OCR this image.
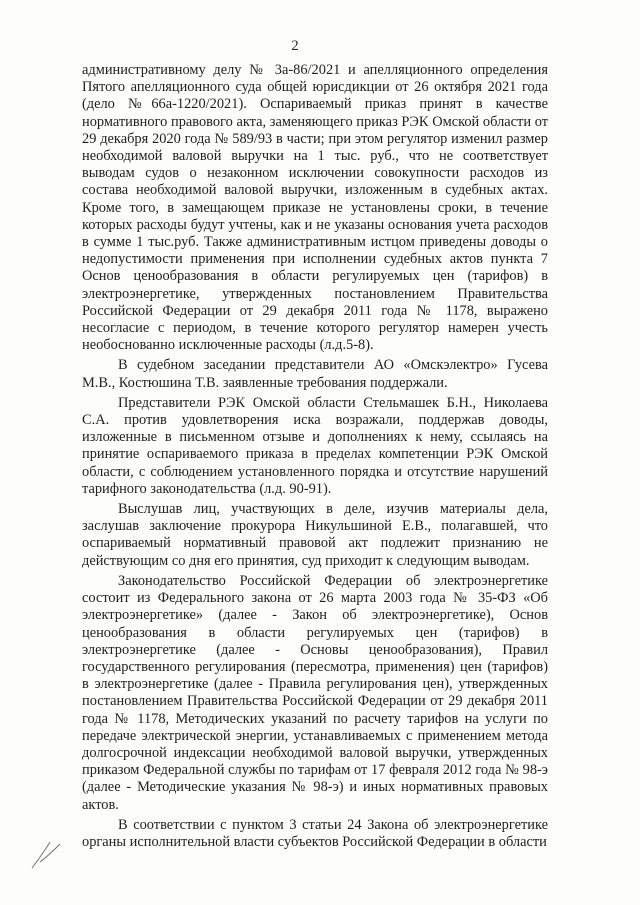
2

административному делу № 3а-86/2021 и апелляционного определения Пятого апелляционного суда общей юрисдикции от 26 октября 2021 года (дело №66а-1220/2021). Оспариваемый приказ принят в качестве нормативного правового акта, заменяющего приказ РЭК Омской области от 29 декабря 2020 года № 589/93 в части; при этом регулятор изменил размер необходимой валовой выручки на 1 тыс. руб., что не соответствует выводам судов о незаконном исключении совокупности расходов из состава необходимой валовой выручки, изложенным в судебных актах. Кроме того, в замещающем приказе не установлены сроки, в течение которых расходы будут учтены, как и не указаны основания учета расходов в сумме 1 тыс.руб. Также административным истцом приведены доводы о недопустимости применения при исполнении судебных актов пункта 7 Основ ценообразования в области регулируемых цен (тарифов) в электроэнергетике, утвержденных постановлением Правительства Российской Федерации от 29 декабря 2011 года № 1178, выражено несогласие с периодом, в течение которого регулятор намерен учесть необоснованно исключенные расходы (л.д.5-8).

В судебном заседании представители АО «Омскэлектро» Гусева М.В., Костюшина Т.В. заявленные требования поддержали.

Представители РЭК Омской области Стельмашек Б.Н., Николаева С.А. против удовлетворения иска возражали, поддержав доводы, изложенные в письменном отзыве и дополнениях к нему, ссылаясь на принятие оспариваемого приказа в пределах компетенции РЭК Омской области, с соблюдением установленного порядка и отсутствие нарушений тарифного законодательства (л.д. 90-91).

Выслушав лиц, участвующих в деле, изучив материалы дела, заслушав заключение прокурора Никульшиной Е.В., полагавшей, что оспариваемый нормативный правовой акт подлежит признанию не действующим со дня его принятия, суд приходит к следующим выводам.

Законодательство Российской Федерации об электроэнергетике состоит из Федерального закона от 26 марта 2003 года № 35-ФЗ «Об электроэнергетике» (далее - Закон об электроэнергетике), Основ ценообразования в области регулируемых цен (тарифов) в электроэнергетике (далее - Основы ценообразования), Правил государственного регулирования (пересмотра, применения) цен (тарифов) в электроэнергетике (далее - Правила регулирования цен), утвержденных постановлением Правительства Российской Федерации от 29 декабря 2011 года № 1178, Методических указаний по расчету тарифов на услуги по передаче электрической энергии, устанавливаемых с применением метода долгосрочной индексации необходимой валовой выручки, утвержденных приказом Федеральной службы по тарифам от 17 февраля 2012 года № 98-э (далее - Методические указания № 98-э) и иных нормативных правовых актов.

В соответствии с пунктом 3 статьи 24 Закона об электроэнергетике органы исполнительной власти субъектов Российской Федерации в области
